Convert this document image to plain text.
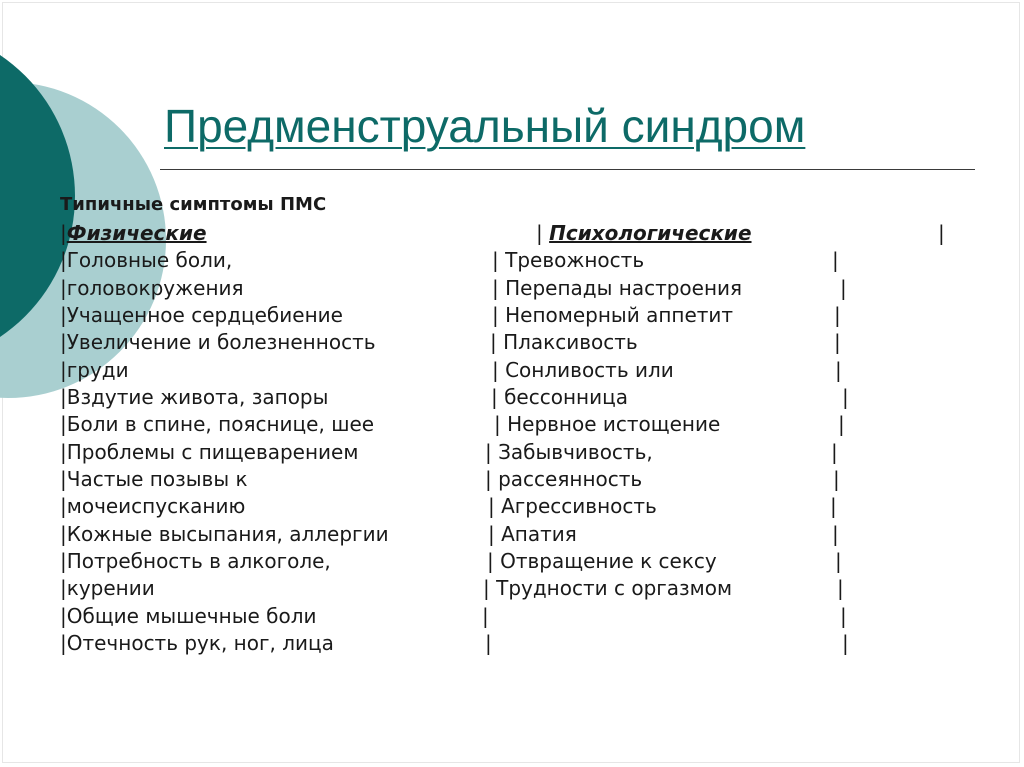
Предменструальный синдром
Типичные симптомы ПМС
|Физические	| Психологические	|
|Головные боли,	| Тревожность	|
|головокружения	| Перепады настроения	|
|Учащенное сердцебиение	| Непомерный аппетит	|
|Увеличение и болезненность	| Плаксивость	|
|груди	| Сонливость или	|
|Вздутие живота, запоры	| бессонница	|
|Боли в спине, пояснице, шее	| Нервное истощение	|
|Проблемы с пищеварением	| Забывчивость,	|
|Частые позывы к	| рассеянность	|
|мочеиспусканию	| Агрессивность	|
|Кожные высыпания, аллергии	| Апатия	|
|Потребность в алкоголе,	| Отвращение к сексу	|
|курении	| Трудности с оргазмом	|
|Общие мышечные боли	|	|
|Отечность рук, ног, лица	|	|
